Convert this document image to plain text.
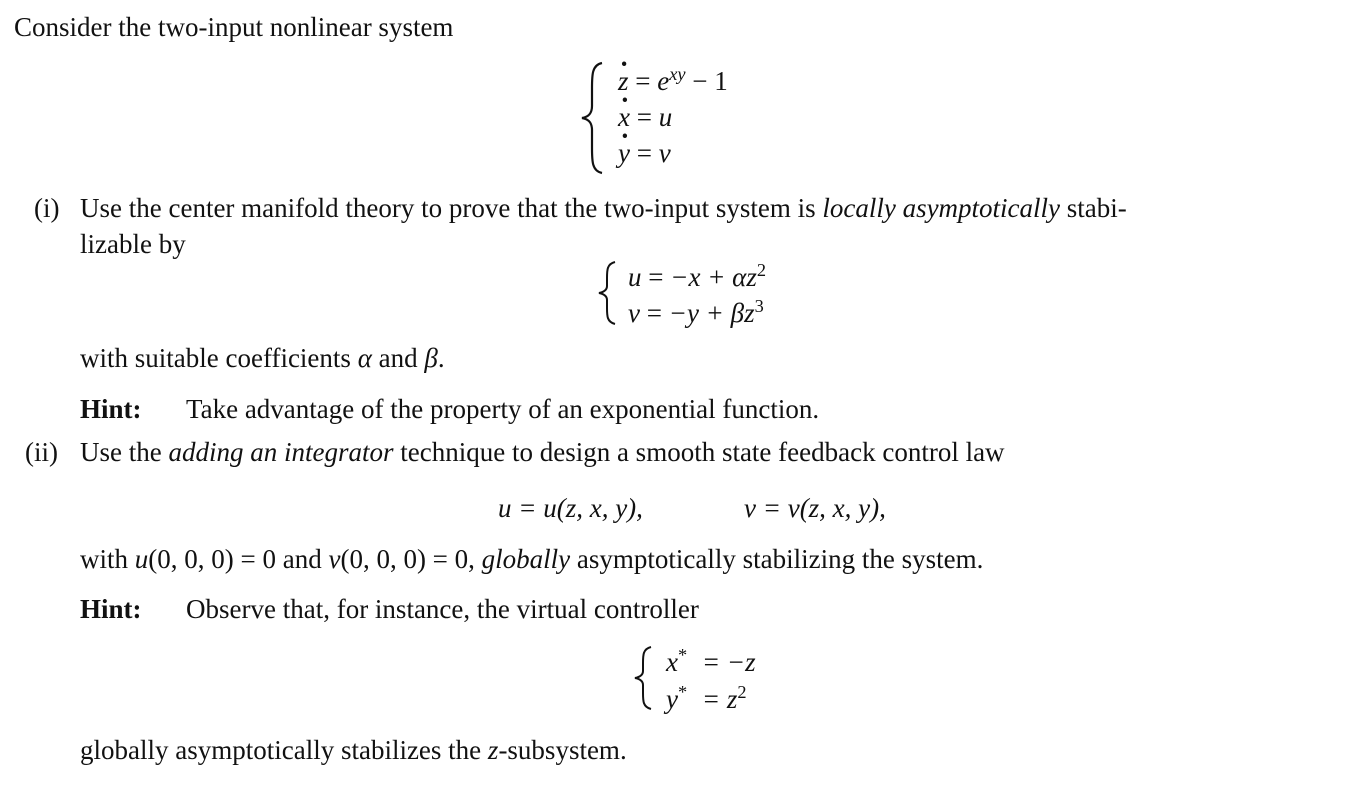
Consider the two-input nonlinear system
· $z = e^{xy} - 1$
· x = u
· y = v
(i) Use the center manifold theory to prove that the two-input system is locally asymptotically stabi-
lizable by
$u = -x + \alpha z^2$
$v = -y + \beta z^3$
with suitable coefficients α and β.
Hint: Take advantage of the property of an exponential function.
(ii) Use the adding an integrator technique to design a smooth state feedback control law
u = u(z, x, y),	v = v(z, x, y),
with u(0, 0, 0) = 0 and v(0, 0, 0) = 0, globally asymptotically stabilizing the system.
Hint: Observe that, for instance, the virtual controller
x* = −z
$y^* = z^2$
globally asymptotically stabilizes the z-subsystem.
